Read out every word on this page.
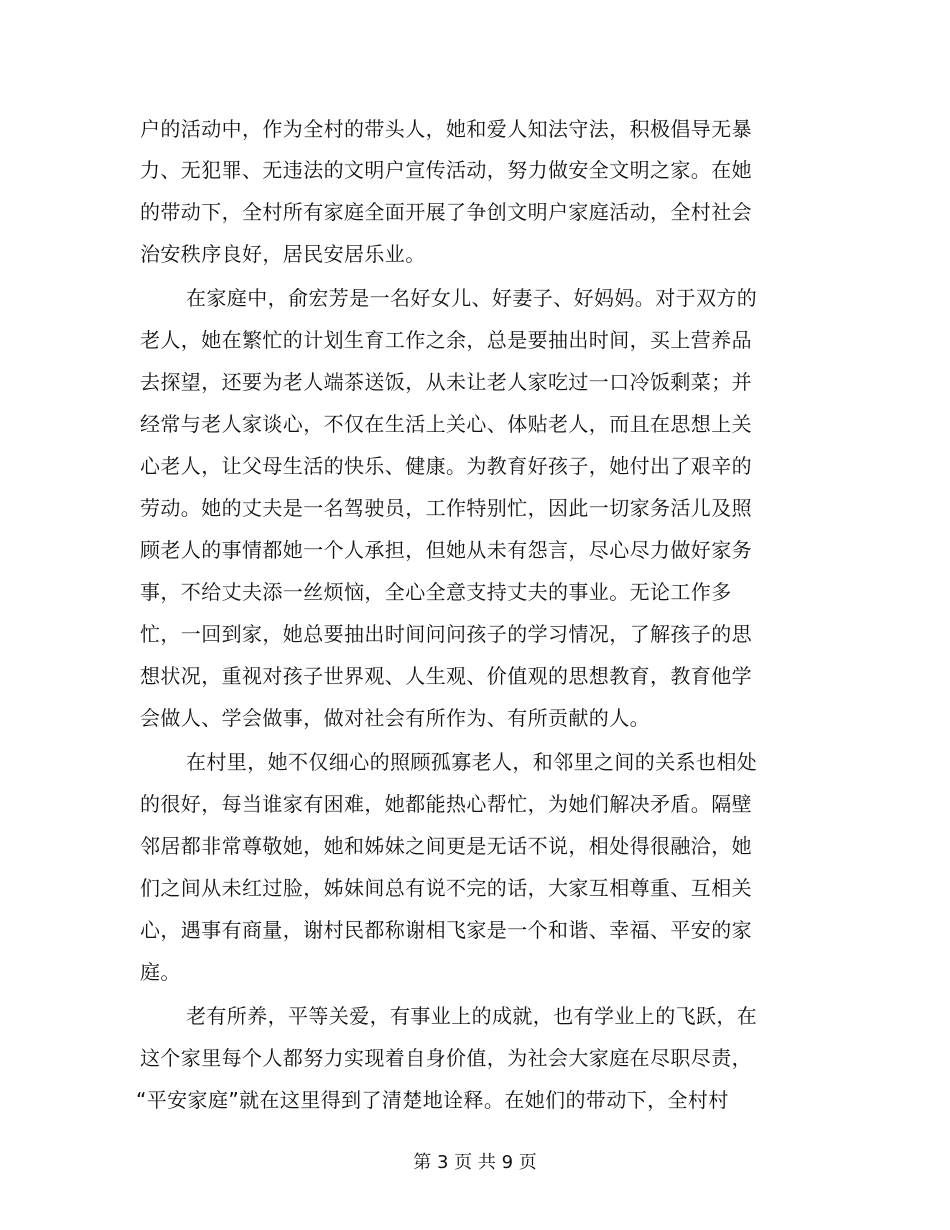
户的活动中，作为全村的带头人，她和爱人知法守法，积极倡导无暴
力、无犯罪、无违法的文明户宣传活动，努力做安全文明之家。在她
的带动下，全村所有家庭全面开展了争创文明户家庭活动，全村社会
治安秩序良好，居民安居乐业。
在家庭中，俞宏芳是一名好女儿、好妻子、好妈妈。对于双方的
老人，她在繁忙的计划生育工作之余，总是要抽出时间，买上营养品
去探望，还要为老人端茶送饭，从未让老人家吃过一口冷饭剩菜；并
经常与老人家谈心，不仅在生活上关心、体贴老人，而且在思想上关
心老人，让父母生活的快乐、健康。为教育好孩子，她付出了艰辛的
劳动。她的丈夫是一名驾驶员，工作特别忙，因此一切家务活儿及照
顾老人的事情都她一个人承担，但她从未有怨言，尽心尽力做好家务
事，不给丈夫添一丝烦恼，全心全意支持丈夫的事业。无论工作多
忙，一回到家，她总要抽出时间问问孩子的学习情况，了解孩子的思
想状况，重视对孩子世界观、人生观、价值观的思想教育，教育他学
会做人、学会做事，做对社会有所作为、有所贡献的人。
在村里，她不仅细心的照顾孤寡老人，和邻里之间的关系也相处
的很好，每当谁家有困难，她都能热心帮忙，为她们解决矛盾。隔壁
邻居都非常尊敬她，她和姊妹之间更是无话不说，相处得很融洽，她
们之间从未红过脸，姊妹间总有说不完的话，大家互相尊重、互相关
心，遇事有商量，谢村民都称谢相飞家是一个和谐、幸福、平安的家
庭。
老有所养，平等关爱，有事业上的成就，也有学业上的飞跃，在
这个家里每个人都努力实现着自身价值，为社会大家庭在尽职尽责，
“平安家庭”就在这里得到了清楚地诠释。在她们的带动下，全村村
第 3 页 共 9 页
